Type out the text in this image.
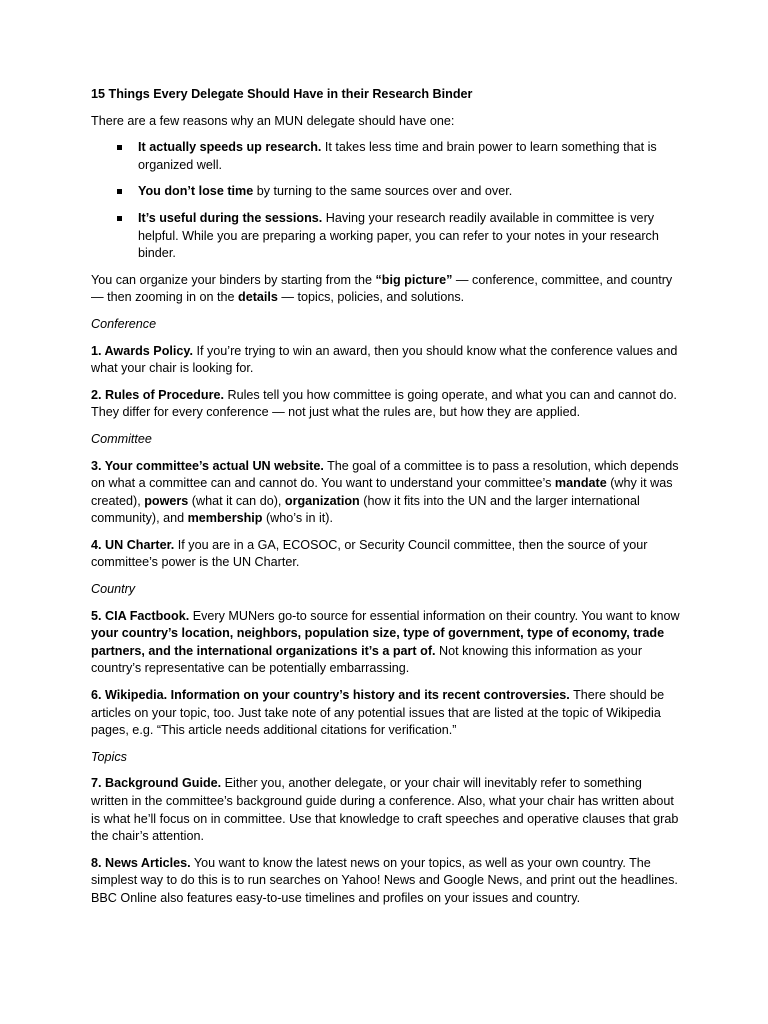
15 Things Every Delegate Should Have in their Research Binder

There are a few reasons why an MUN delegate should have one:

It actually speeds up research. It takes less time and brain power to learn something that is organized well.
You don’t lose time by turning to the same sources over and over.
It’s useful during the sessions. Having your research readily available in committee is very helpful. While you are preparing a working paper, you can refer to your notes in your research binder.

You can organize your binders by starting from the “big picture” — conference, committee, and country — then zooming in on the details — topics, policies, and solutions.

Conference

1. Awards Policy. If you’re trying to win an award, then you should know what the conference values and what your chair is looking for.

2. Rules of Procedure. Rules tell you how committee is going operate, and what you can and cannot do. They differ for every conference — not just what the rules are, but how they are applied.

Committee

3. Your committee’s actual UN website. The goal of a committee is to pass a resolution, which depends on what a committee can and cannot do. You want to understand your committee’s mandate (why it was created), powers (what it can do), organization (how it fits into the UN and the larger international community), and membership (who’s in it).

4. UN Charter. If you are in a GA, ECOSOC, or Security Council committee, then the source of your committee’s power is the UN Charter.

Country

5. CIA Factbook. Every MUNers go-to source for essential information on their country. You want to know your country’s location, neighbors, population size, type of government, type of economy, trade partners, and the international organizations it’s a part of. Not knowing this information as your country’s representative can be potentially embarrassing.

6. Wikipedia. Information on your country’s history and its recent controversies. There should be articles on your topic, too. Just take note of any potential issues that are listed at the topic of Wikipedia pages, e.g. “This article needs additional citations for verification.”

Topics

7. Background Guide. Either you, another delegate, or your chair will inevitably refer to something written in the committee’s background guide during a conference. Also, what your chair has written about is what he’ll focus on in committee. Use that knowledge to craft speeches and operative clauses that grab the chair’s attention.

8. News Articles. You want to know the latest news on your topics, as well as your own country. The simplest way to do this is to run searches on Yahoo! News and Google News, and print out the headlines. BBC Online also features easy-to-use timelines and profiles on your issues and country.
